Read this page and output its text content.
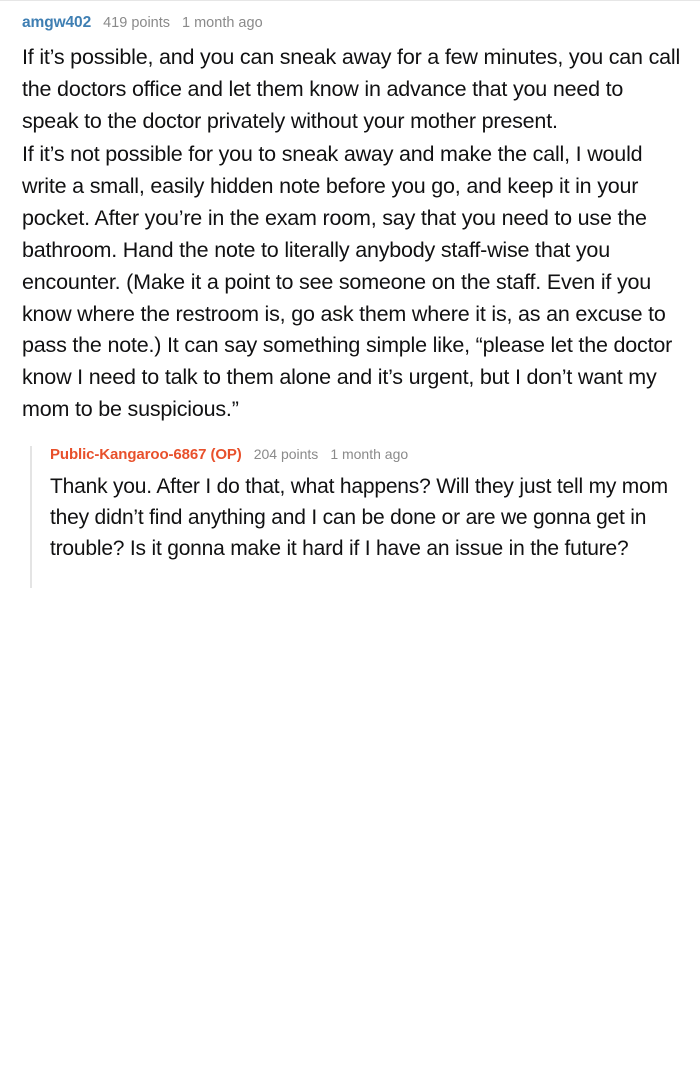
amgw402 419 points 1 month ago

If it’s possible, and you can sneak away for a few minutes, you can call the doctors office and let them know in advance that you need to speak to the doctor privately without your mother present.

If it’s not possible for you to sneak away and make the call, I would write a small, easily hidden note before you go, and keep it in your pocket. After you’re in the exam room, say that you need to use the bathroom. Hand the note to literally anybody staff-wise that you encounter. (Make it a point to see someone on the staff. Even if you know where the restroom is, go ask them where it is, as an excuse to pass the note.) It can say something simple like, “please let the doctor know I need to talk to them alone and it’s urgent, but I don’t want my mom to be suspicious.”

Public-Kangaroo-6867 (OP) 204 points 1 month ago

Thank you. After I do that, what happens? Will they just tell my mom they didn’t find anything and I can be done or are we gonna get in trouble? Is it gonna make it hard if I have an issue in the future?
